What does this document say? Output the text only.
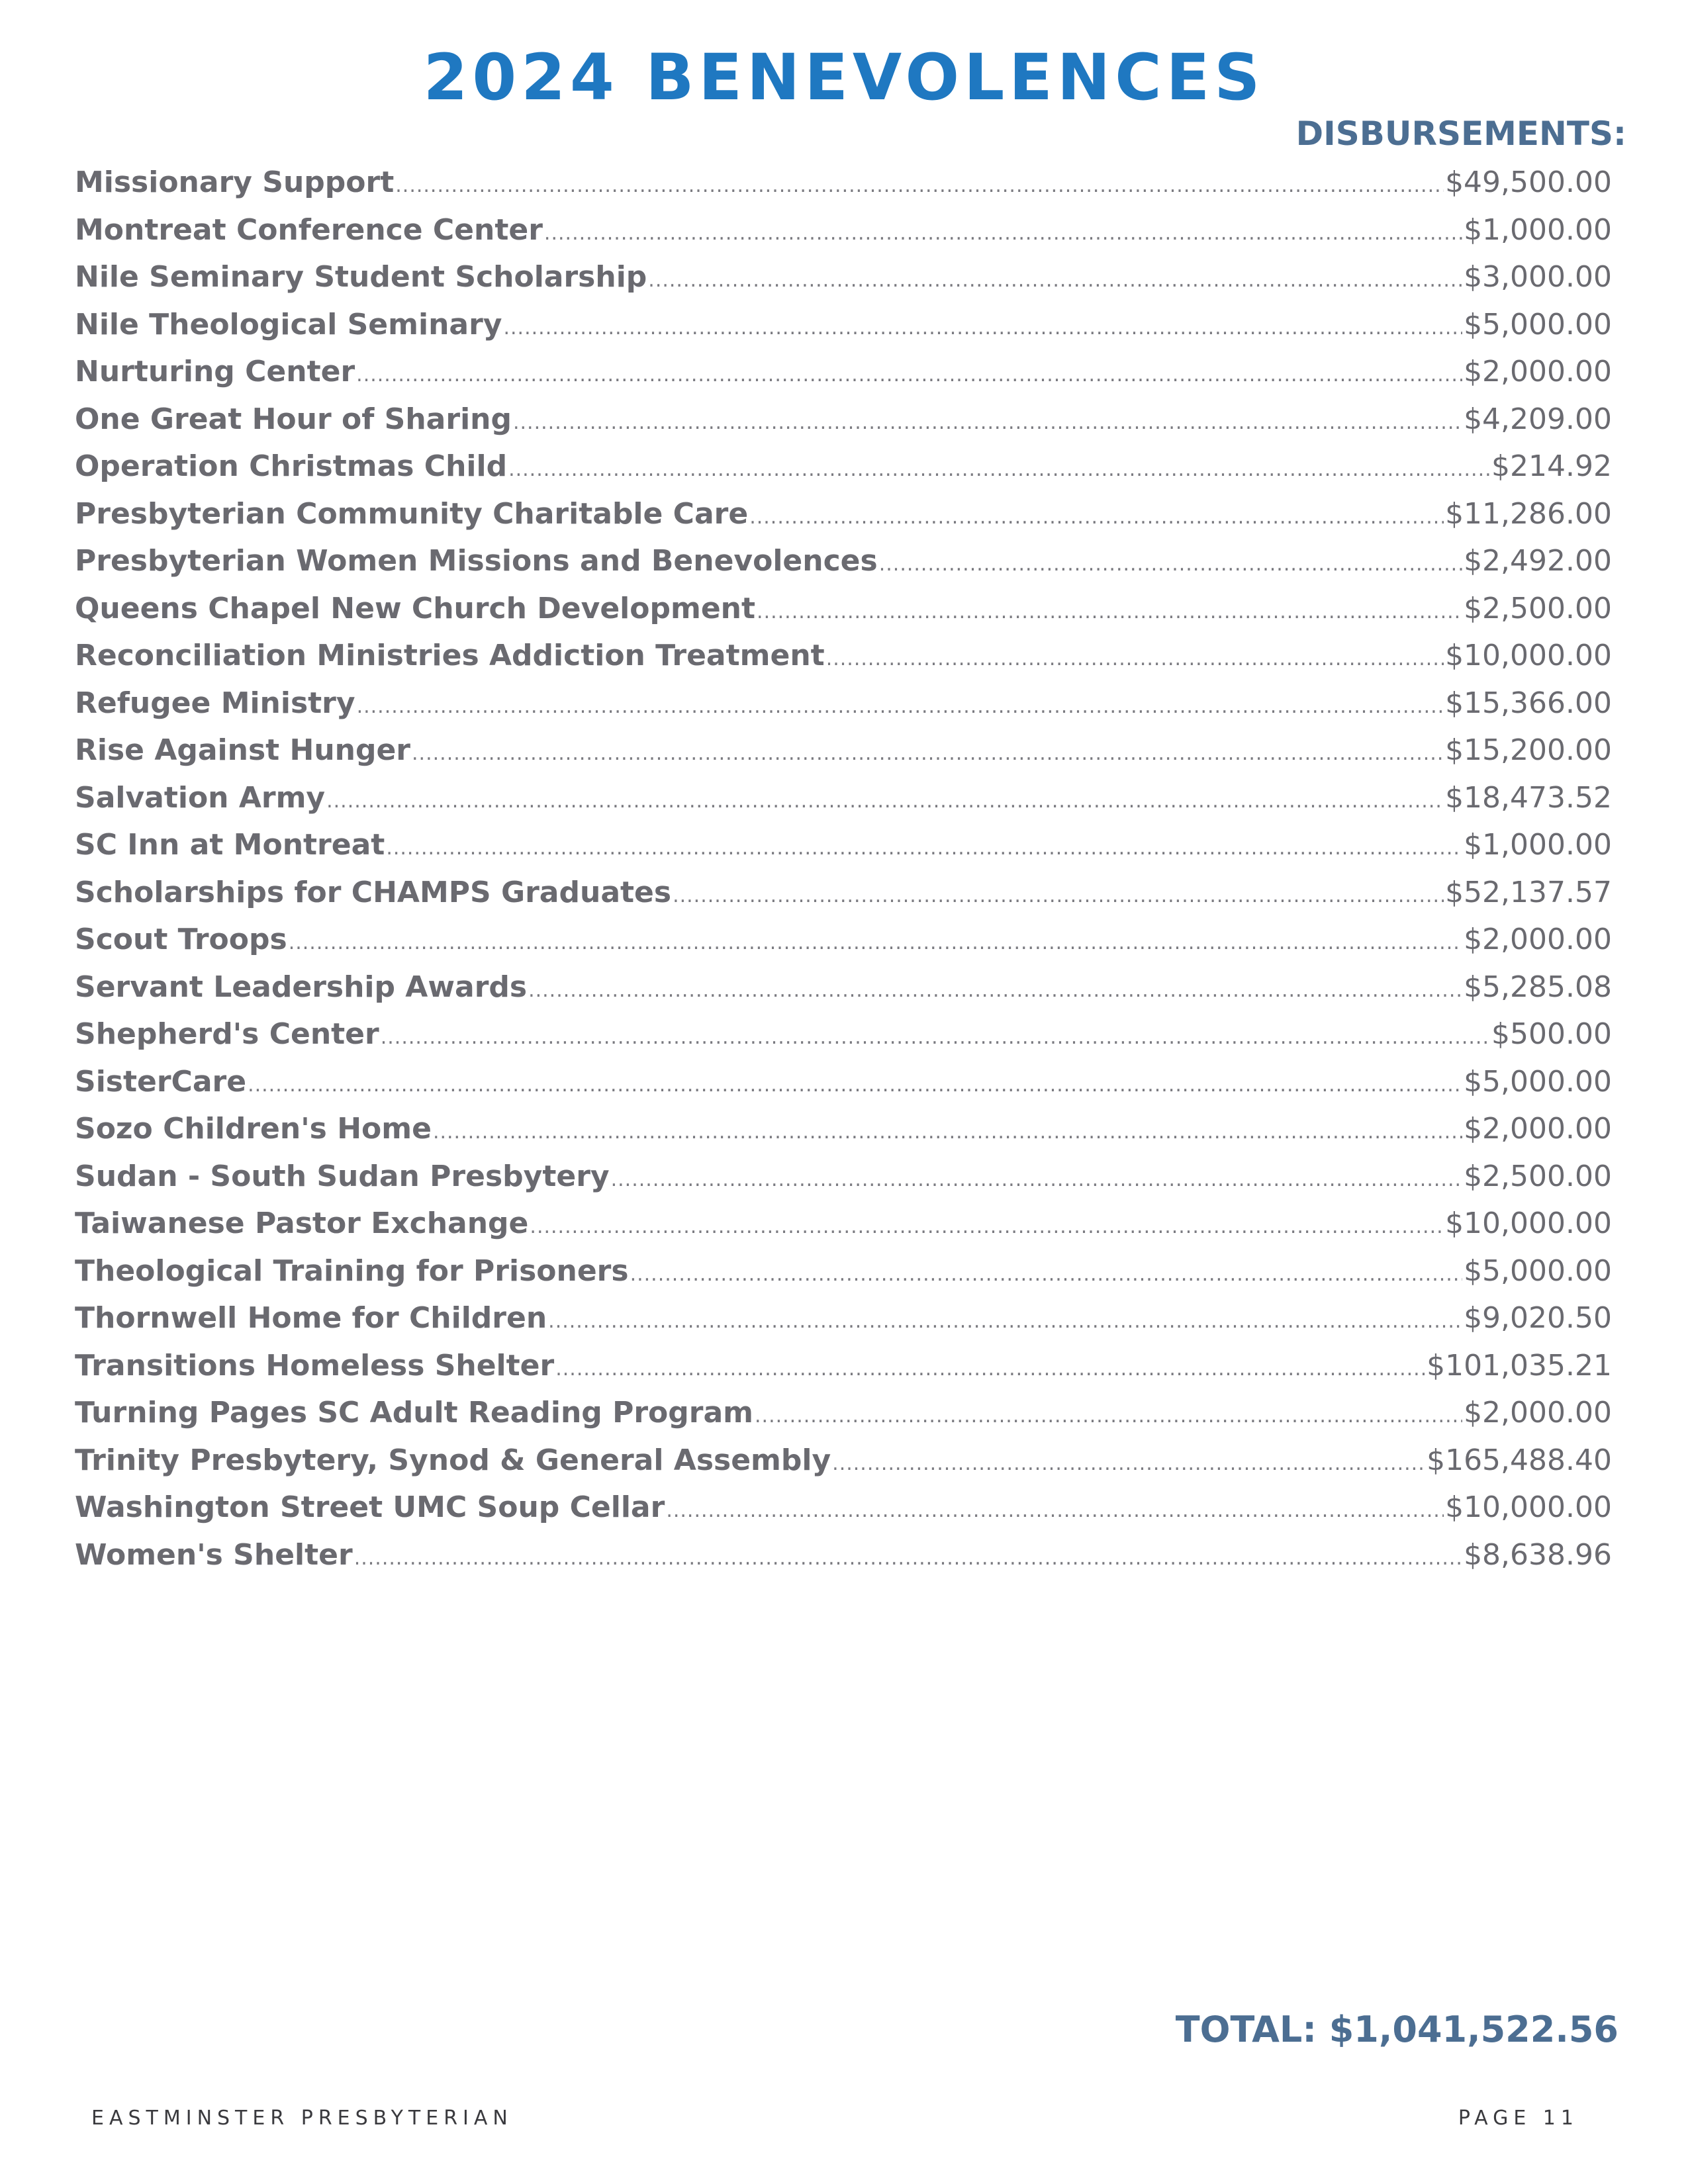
2024 BENEVOLENCES
DISBURSEMENTS:
Missionary Support .....	$49,500.00
Montreat Conference Center .....	$1,000.00
Nile Seminary Student Scholarship .....	$3,000.00
Nile Theological Seminary .....	$5,000.00
Nurturing Center .....	$2,000.00
One Great Hour of Sharing .....	$4,209.00
Operation Christmas Child .....	$214.92
Presbyterian Community Charitable Care .....	$11,286.00
Presbyterian Women Missions and Benevolences .....	$2,492.00
Queens Chapel New Church Development .....	$2,500.00
Reconciliation Ministries Addiction Treatment .....	$10,000.00
Refugee Ministry .....	$15,366.00
Rise Against Hunger .....	$15,200.00
Salvation Army .....	$18,473.52
SC Inn at Montreat .....	$1,000.00
Scholarships for CHAMPS Graduates .....	$52,137.57
Scout Troops .....	$2,000.00
Servant Leadership Awards .....	$5,285.08
Shepherd's Center .....	$500.00
SisterCare .....	$5,000.00
Sozo Children's Home .....	$2,000.00
Sudan - South Sudan Presbytery .....	$2,500.00
Taiwanese Pastor Exchange .....	$10,000.00
Theological Training for Prisoners .....	$5,000.00
Thornwell Home for Children .....	$9,020.50
Transitions Homeless Shelter .....	$101,035.21
Turning Pages SC Adult Reading Program .....	$2,000.00
Trinity Presbytery, Synod & General Assembly .....	$165,488.40
Washington Street UMC Soup Cellar .....	$10,000.00
Women's Shelter .....	$8,638.96
TOTAL: $1,041,522.56
EASTMINSTER PRESBYTERIAN	PAGE 11
